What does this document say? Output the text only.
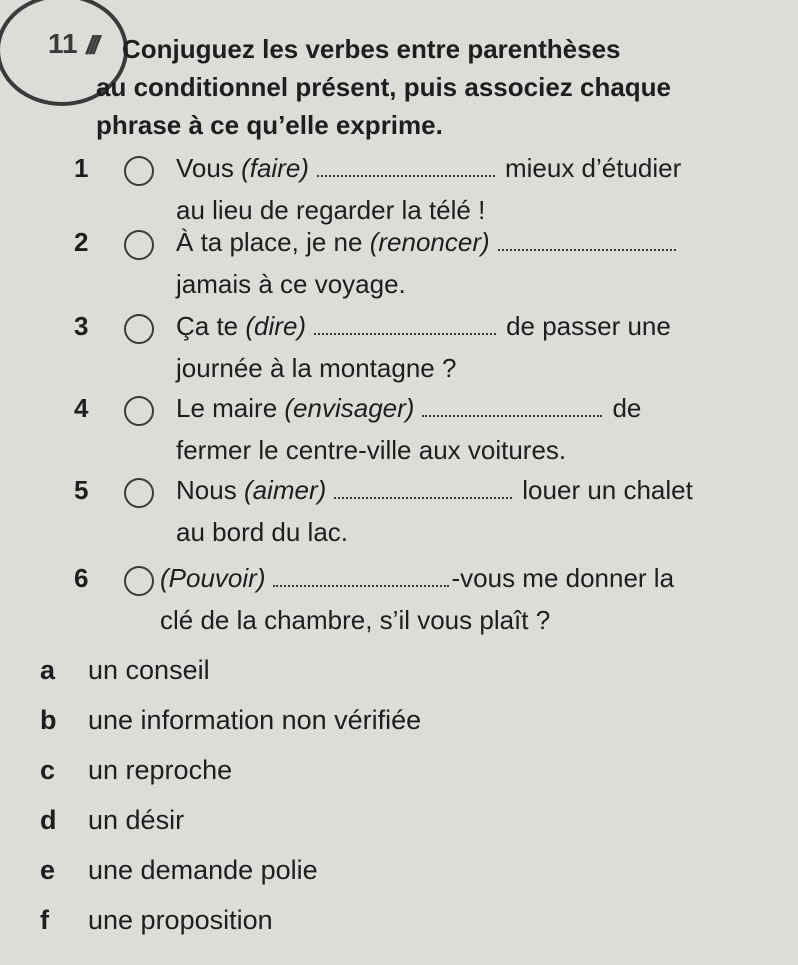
11 /// Conjuguez les verbes entre parenthèses
au conditionnel présent, puis associez chaque
phrase à ce qu’elle exprime.
1	Vous (faire)	mieux d’étudier
au lieu de regarder la télé !
2	À ta place, je ne (renoncer)
jamais à ce voyage.
3	Ça te (dire)	de passer une
journée à la montagne ?
4	Le maire (envisager)	de
fermer le centre-ville aux voitures.
5	Nous (aimer)	louer un chalet
au bord du lac.
6	(Pouvoir)	-vous me donner la
clé de la chambre, s’il vous plaît ?
a un conseil
b une information non vérifiée
c un reproche
d un désir
e une demande polie
f une proposition
